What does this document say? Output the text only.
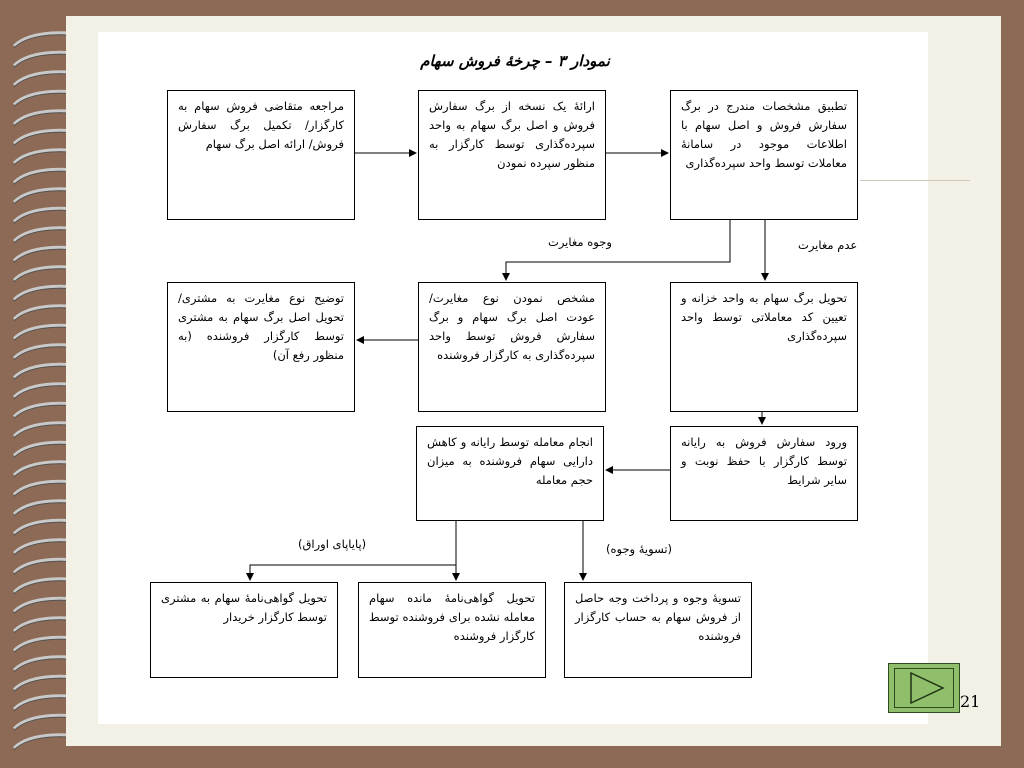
نمودار ۳ – چرخهٔ فروش سهام
مراجعه متقاضی فروش سهام به کارگزار/ تکمیل برگ سفارش فروش/ ارائه اصل برگ سهام
ارائهٔ یک نسخه از برگ سفارش فروش و اصل برگ سهام به واحد سپرده‌گذاری توسط کارگزار به منظور سپرده نمودن
تطبیق مشخصات مندرج در برگ سفارش فروش و اصل سهام با اطلاعات موجود در سامانهٔ معاملات توسط واحد سپرده‌گذاری
توضیح نوع مغایرت به مشتری/ تحویل اصل برگ سهام به مشتری توسط کارگزار فروشنده (به منظور رفع آن)
مشخص نمودن نوع مغایرت/ عودت اصل برگ سهام و برگ سفارش فروش توسط واحد سپرده‌گذاری به کارگزار فروشنده
تحویل برگ سهام به واحد خزانه و تعیین کد معاملاتی توسط واحد سپرده‌گذاری
انجام معامله توسط رایانه و کاهش دارایی سهام فروشنده به میزان حجم معامله
ورود سفارش فروش به رایانه توسط کارگزار با حفظ نوبت و سایر شرایط
تحویل گواهی‌نامهٔ سهام به مشتری توسط کارگزار خریدار
تحویل گواهی‌نامهٔ مانده سهام معامله نشده برای فروشنده توسط کارگزار فروشنده
تسویهٔ وجوه و پرداخت وجه حاصل از فروش سهام به حساب کارگزار فروشنده
وجوه مغایرت	عدم مغایرت
(پایاپای اوراق)	(تسویهٔ وجوه)
21
